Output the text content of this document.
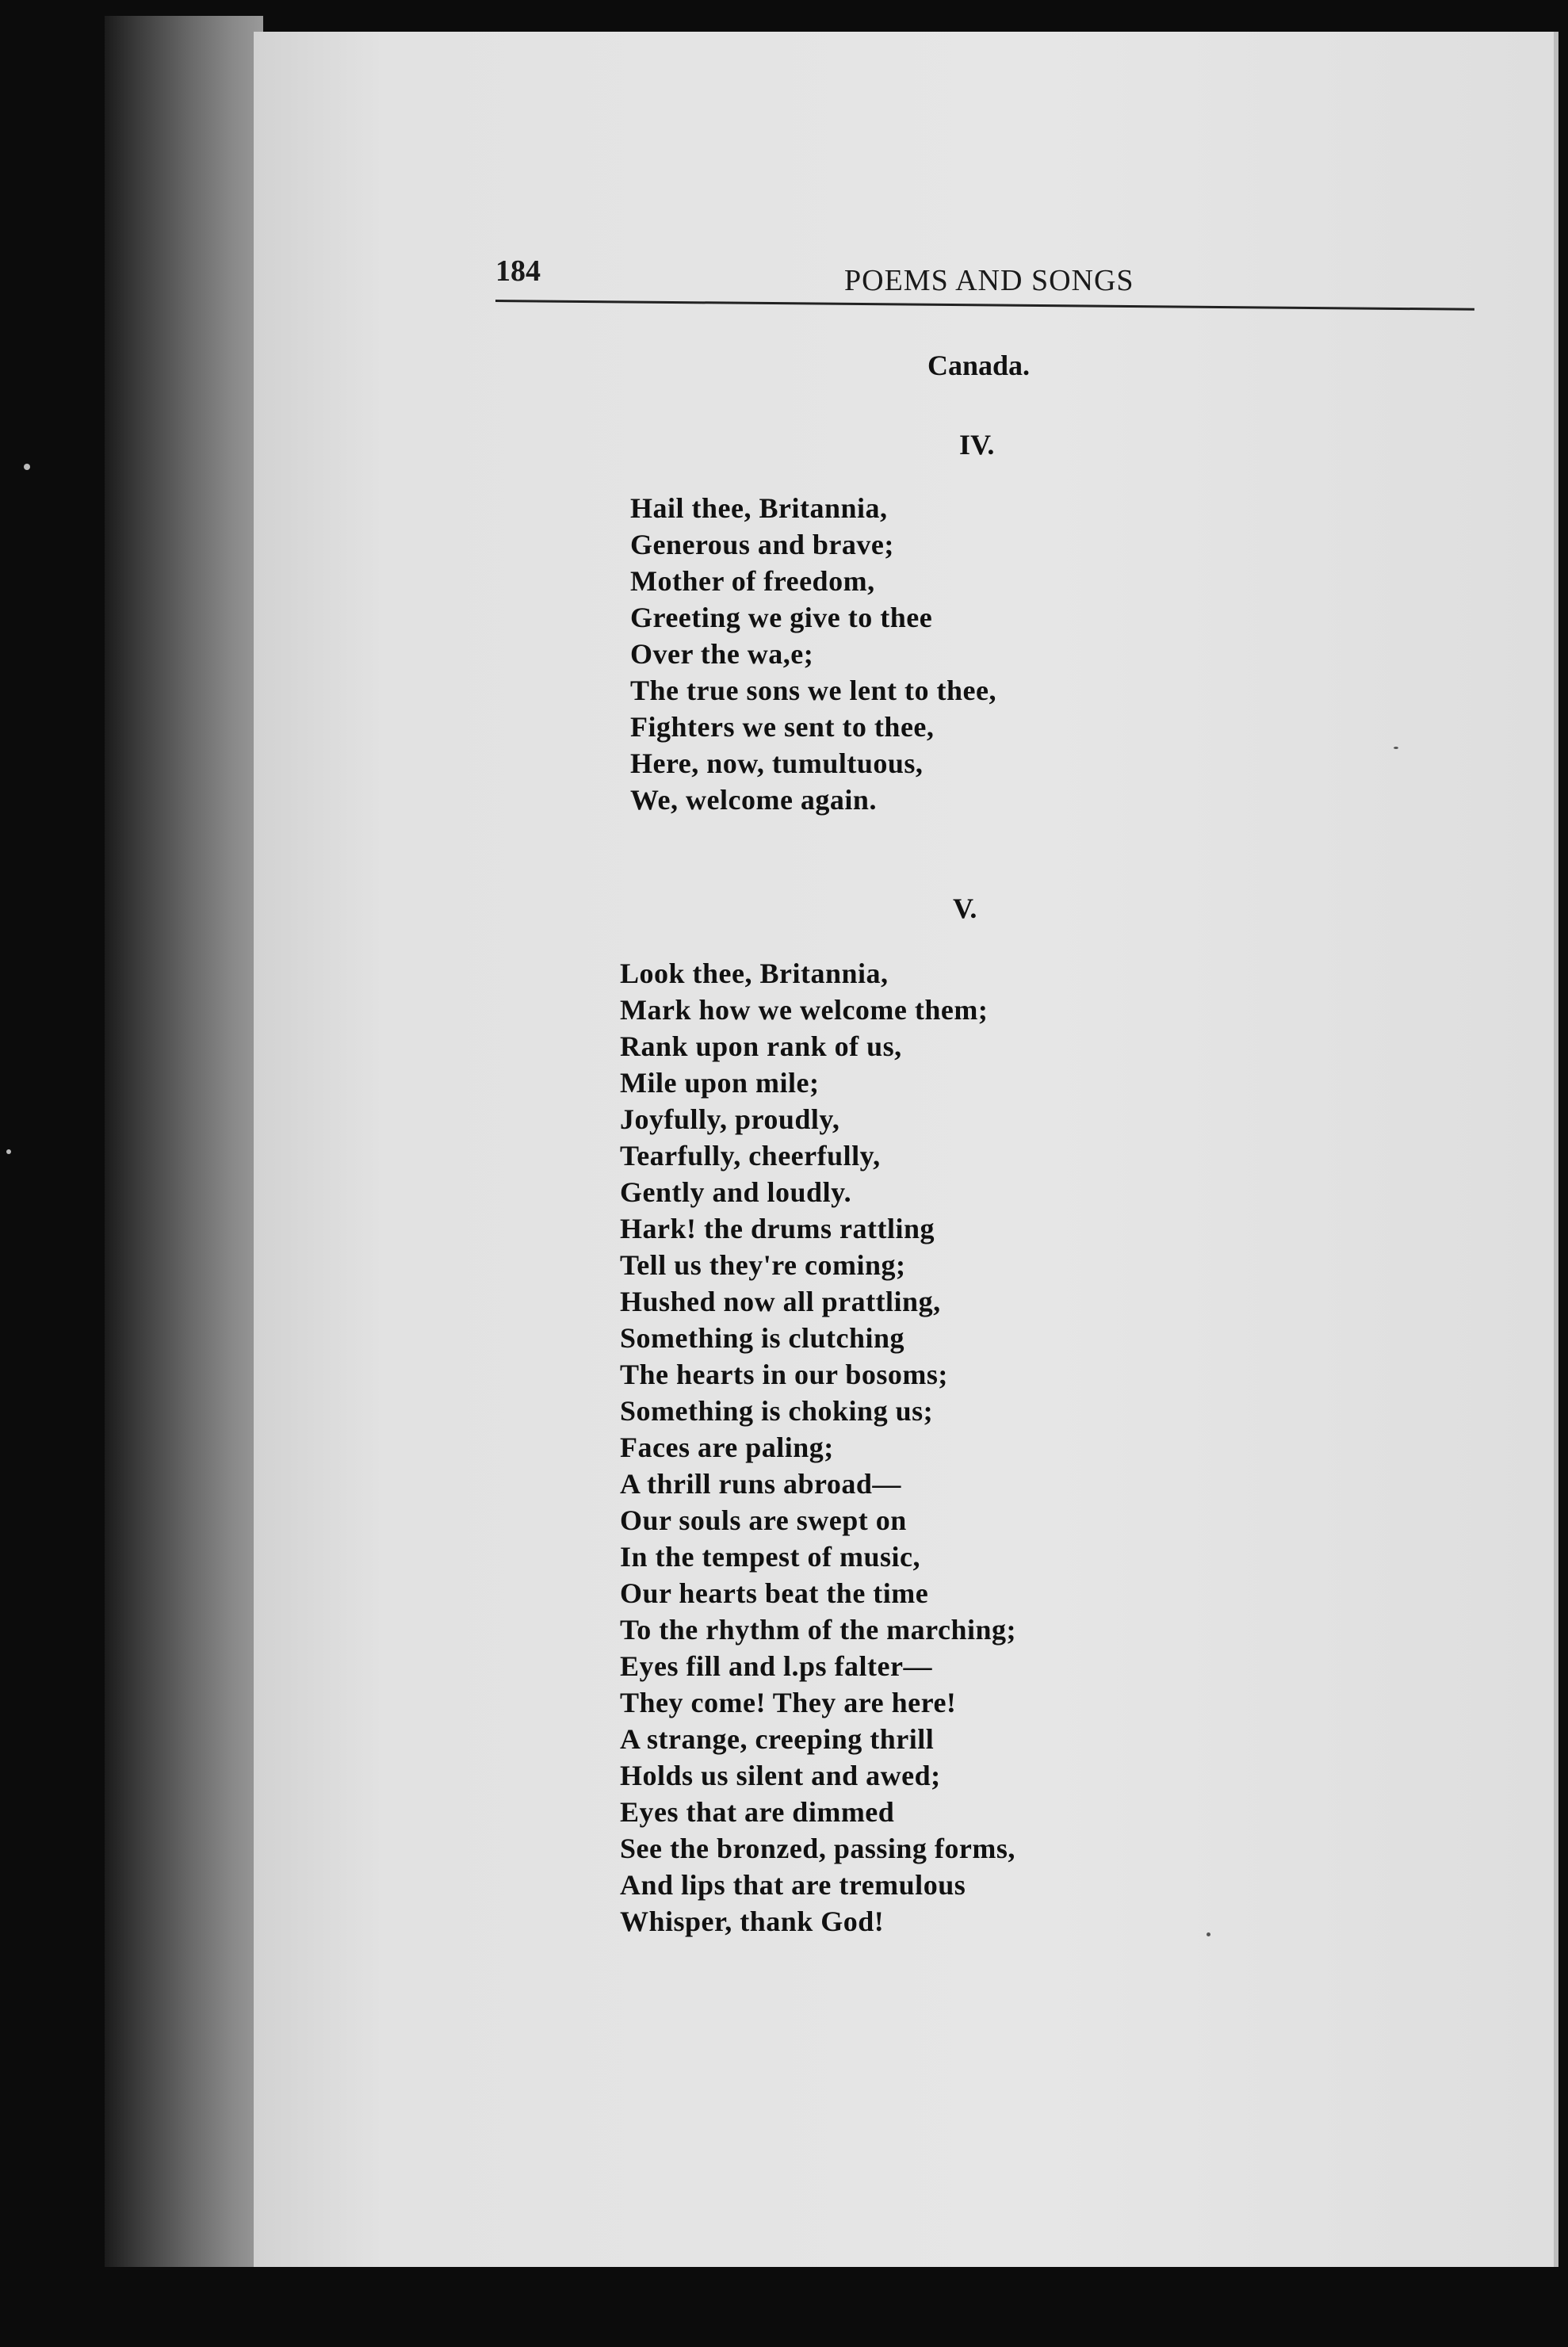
184	POEMS AND SONGS
Canada.
IV.
Hail thee, Britannia,
Generous and brave;
Mother of freedom,
Greeting we give to thee
Over the wa,e;
The true sons we lent to thee,
Fighters we sent to thee,
Here, now, tumultuous,
We, welcome again.
V.
Look thee, Britannia,
Mark how we welcome them;
Rank upon rank of us,
Mile upon mile;
Joyfully, proudly,
Tearfully, cheerfully,
Gently and loudly.
Hark! the drums rattling
Tell us they're coming;
Hushed now all prattling,
Something is clutching
The hearts in our bosoms;
Something is choking us;
Faces are paling;
A thrill runs abroad—
Our souls are swept on
In the tempest of music,
Our hearts beat the time
To the rhythm of the marching;
Eyes fill and l.ps falter—
They come! They are here!
A strange, creeping thrill
Holds us silent and awed;
Eyes that are dimmed
See the bronzed, passing forms,
And lips that are tremulous
Whisper, thank God!
